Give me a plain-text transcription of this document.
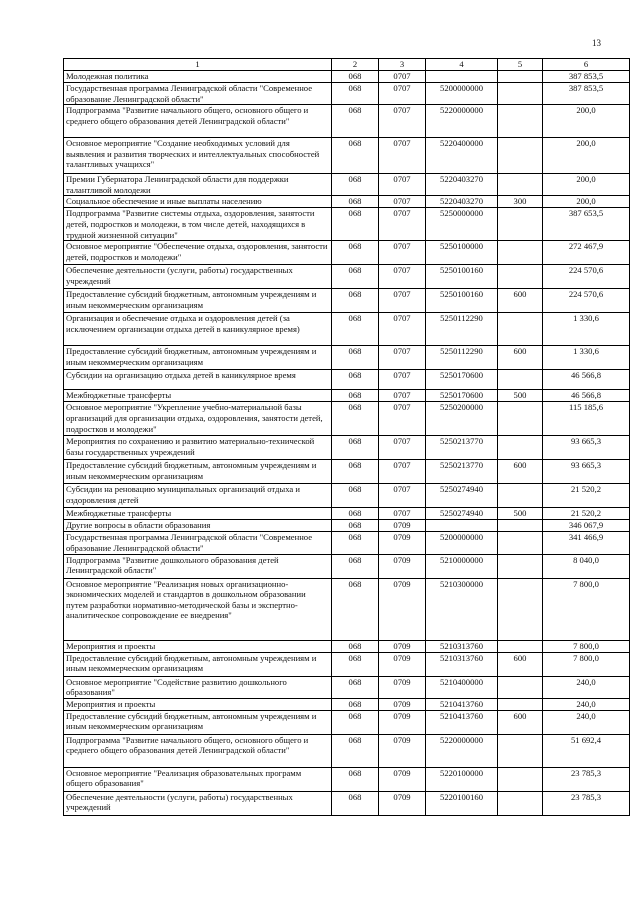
13
1	2	3	4	5	6
Молодежная политика	068	0707			387 853,5
Государственная программа Ленинградской области "Современное образование Ленинградской области"	068	0707	5200000000		387 853,5
Подпрограмма "Развитие начального общего, основного общего и среднего общего образования детей Ленинградской области"	068	0707	5220000000		200,0
Основное мероприятие "Создание необходимых условий для выявления и развития творческих и интеллектуальных способностей талантливых учащихся"	068	0707	5220400000		200,0
Премии Губернатора Ленинградской области для поддержки талантливой молодежи	068	0707	5220403270		200,0
Социальное обеспечение и иные выплаты населению	068	0707	5220403270	300	200,0
Подпрограмма "Развитие системы отдыха, оздоровления, занятости детей, подростков и молодежи, в том числе детей, находящихся в трудной жизненной ситуации"	068	0707	5250000000		387 653,5
Основное мероприятие "Обеспечение отдыха, оздоровления, занятости детей, подростков и молодежи"	068	0707	5250100000		272 467,9
Обеспечение деятельности (услуги, работы) государственных учреждений	068	0707	5250100160		224 570,6
Предоставление субсидий бюджетным, автономным учреждениям и иным некоммерческим организациям	068	0707	5250100160	600	224 570,6
Организация и обеспечение отдыха и оздоровления детей (за исключением организации отдыха детей в каникулярное время)	068	0707	5250112290		1 330,6
Предоставление субсидий бюджетным, автономным учреждениям и иным некоммерческим организациям	068	0707	5250112290	600	1 330,6
Субсидии на организацию отдыха детей в каникулярное время	068	0707	5250170600		46 566,8
Межбюджетные трансферты	068	0707	5250170600	500	46 566,8
Основное мероприятие "Укрепление учебно-материальной базы организаций для организации отдыха, оздоровления, занятости детей, подростков и молодежи"	068	0707	5250200000		115 185,6
Мероприятия по сохранению и развитию материально-технической базы государственных учреждений	068	0707	5250213770		93 665,3
Предоставление субсидий бюджетным, автономным учреждениям и иным некоммерческим организациям	068	0707	5250213770	600	93 665,3
Субсидии на реновацию муниципальных организаций отдыха и оздоровления детей	068	0707	5250274940		21 520,2
Межбюджетные трансферты	068	0707	5250274940	500	21 520,2
Другие вопросы в области образования	068	0709			346 067,9
Государственная программа Ленинградской области "Современное образование Ленинградской области"	068	0709	5200000000		341 466,9
Подпрограмма "Развитие дошкольного образования детей Ленинградской области"	068	0709	5210000000		8 040,0
Основное мероприятие "Реализация новых организационно-экономических моделей и стандартов в дошкольном образовании путем разработки нормативно-методической базы и экспертно-аналитическое сопровождение ее внедрения"	068	0709	5210300000		7 800,0
Мероприятия и проекты	068	0709	5210313760		7 800,0
Предоставление субсидий бюджетным, автономным учреждениям и иным некоммерческим организациям	068	0709	5210313760	600	7 800,0
Основное мероприятие "Содействие развитию дошкольного образования"	068	0709	5210400000		240,0
Мероприятия и проекты	068	0709	5210413760		240,0
Предоставление субсидий бюджетным, автономным учреждениям и иным некоммерческим организациям	068	0709	5210413760	600	240,0
Подпрограмма "Развитие начального общего, основного общего и среднего общего образования детей Ленинградской области"	068	0709	5220000000		51 692,4
Основное мероприятие "Реализация образовательных программ общего образования"	068	0709	5220100000		23 785,3
Обеспечение деятельности (услуги, работы) государственных учреждений	068	0709	5220100160		23 785,3
